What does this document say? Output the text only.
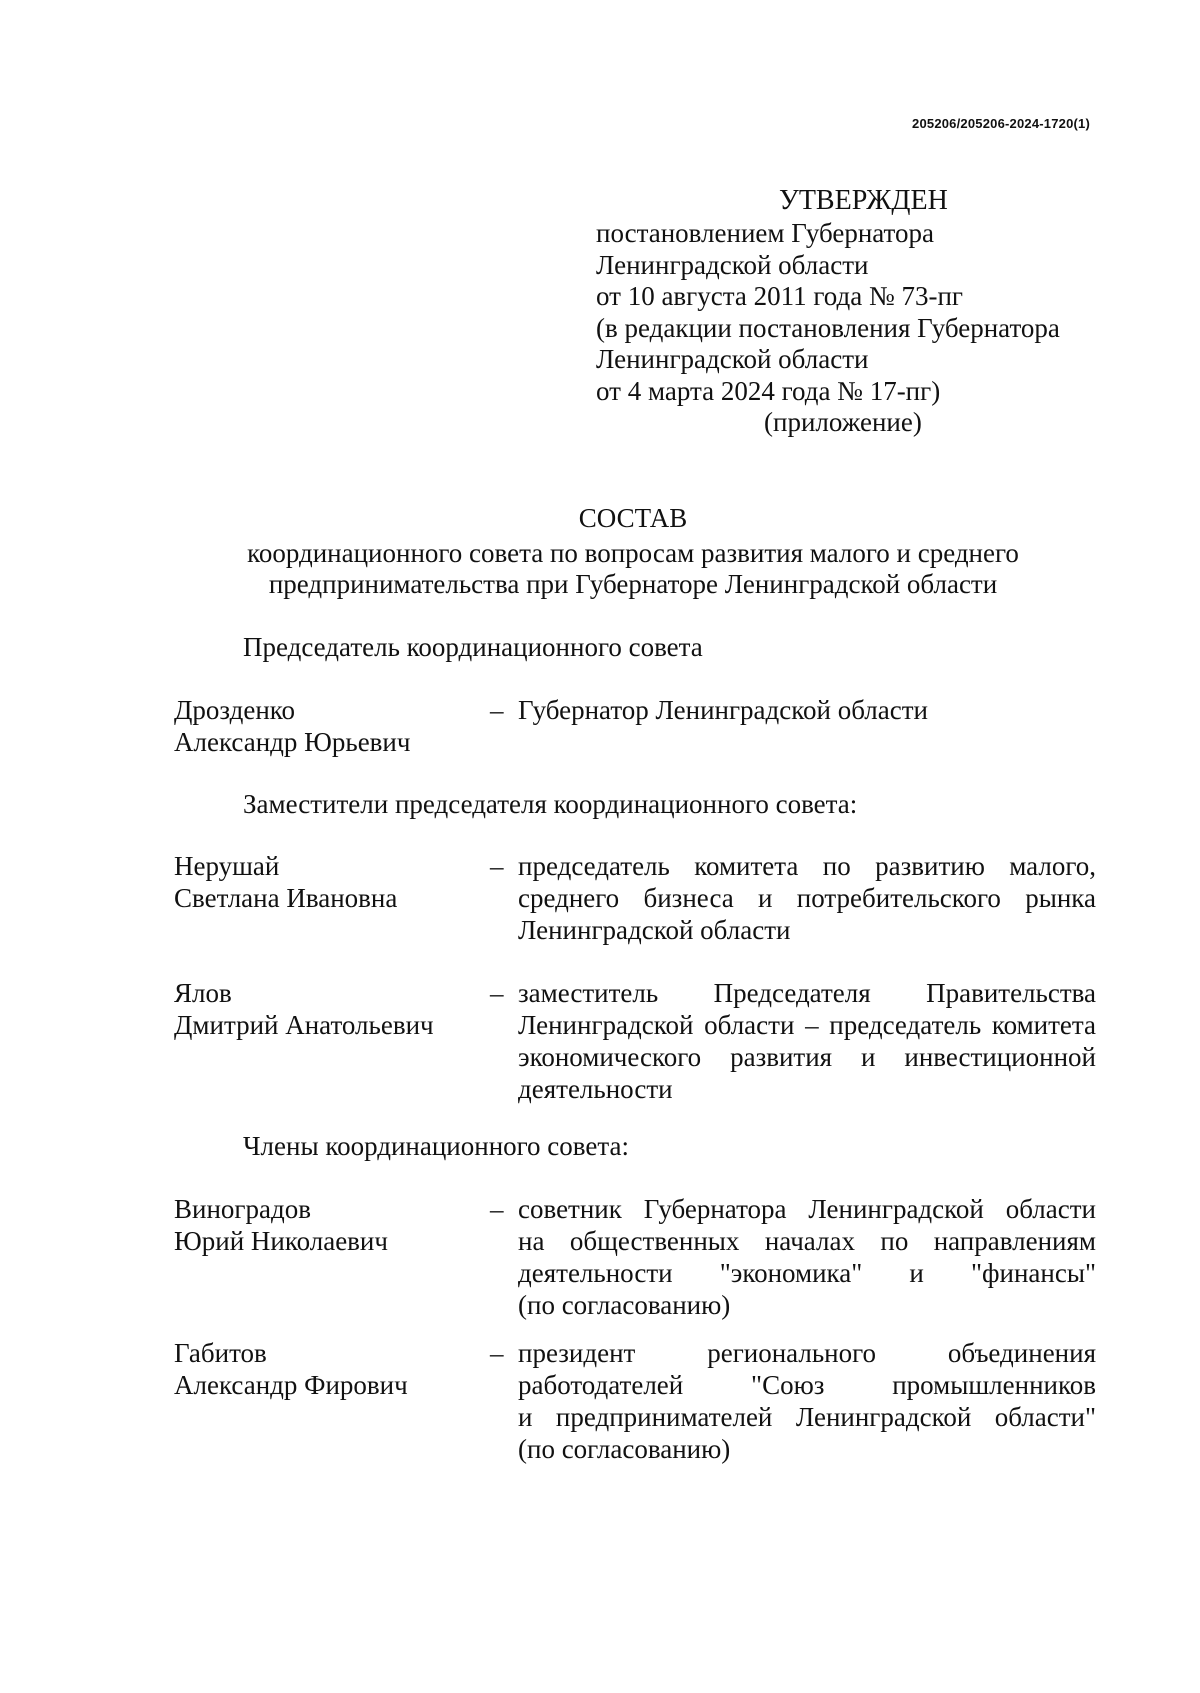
205206/205206-2024-1720(1)
УТВЕРЖДЕН
постановлением Губернатора
Ленинградской области
от 10 августа 2011 года № 73-пг
(в редакции постановления Губернатора
Ленинградской области
от 4 марта 2024 года № 17-пг)
(приложение)
СОСТАВ
координационного совета по вопросам развития малого и среднего
предпринимательства при Губернаторе Ленинградской области
Председатель координационного совета
Дрозденко
Александр Юрьевич
– Губернатор Ленинградской области
Заместители председателя координационного совета:
Нерушай
Светлана Ивановна
– председатель комитета по развитию малого,
среднего бизнеса и потребительского рынка
Ленинградской области
Ялов
Дмитрий Анатольевич
– заместитель Председателя Правительства
Ленинградской области – председатель комитета
экономического развития и инвестиционной
деятельности
Члены координационного совета:
Виноградов
Юрий Николаевич
– советник Губернатора Ленинградской области
на общественных началах по направлениям
деятельности "экономика" и "финансы"
(по согласованию)
Габитов
Александр Фирович
– президент регионального объединения
работодателей "Союз промышленников
и предпринимателей Ленинградской области"
(по согласованию)
